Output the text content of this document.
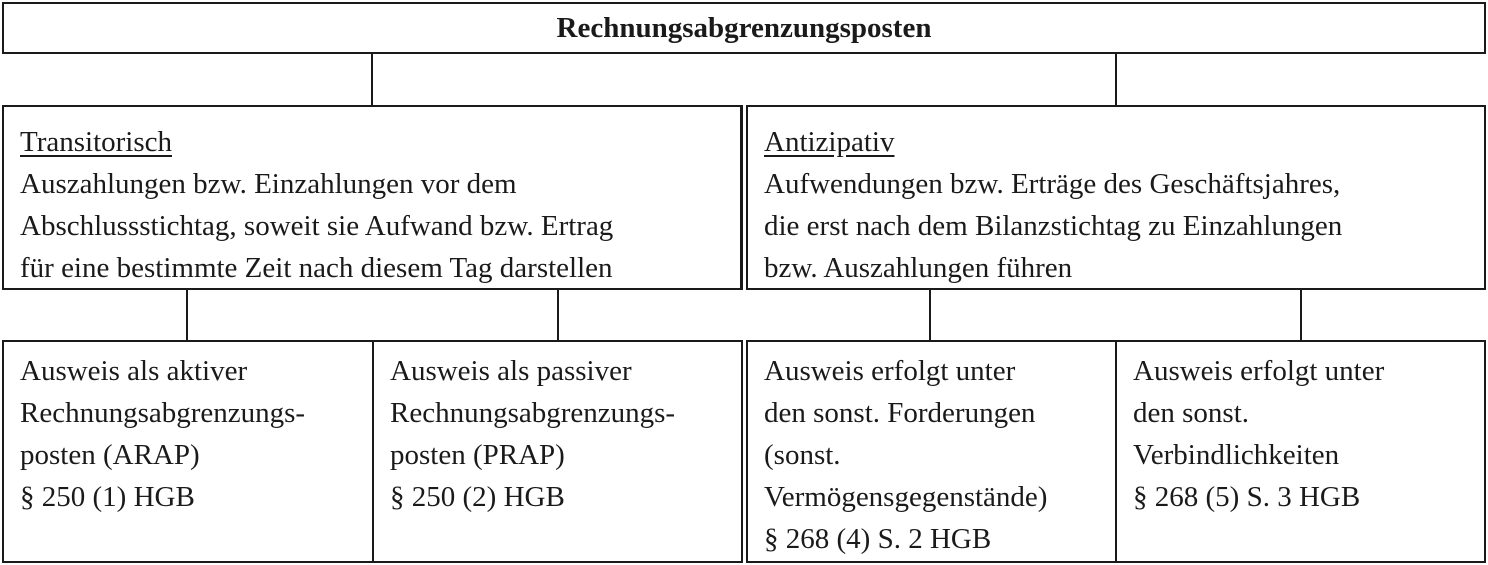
Rechnungsabgrenzungsposten
Transitorisch
Auszahlungen bzw. Einzahlungen vor dem
Abschlussstichtag, soweit sie Aufwand bzw. Ertrag
für eine bestimmte Zeit nach diesem Tag darstellen
Antizipativ
Aufwendungen bzw. Erträge des Geschäftsjahres,
die erst nach dem Bilanzstichtag zu Einzahlungen
bzw. Auszahlungen führen
Ausweis als aktiver
Rechnungsabgrenzungs-
posten (ARAP)
§ 250 (1) HGB
Ausweis als passiver
Rechnungsabgrenzungs-
posten (PRAP)
§ 250 (2) HGB
Ausweis erfolgt unter
den sonst. Forderungen
(sonst.
Vermögensgegenstände)
§ 268 (4) S. 2 HGB
Ausweis erfolgt unter
den sonst.
Verbindlichkeiten
§ 268 (5) S. 3 HGB
